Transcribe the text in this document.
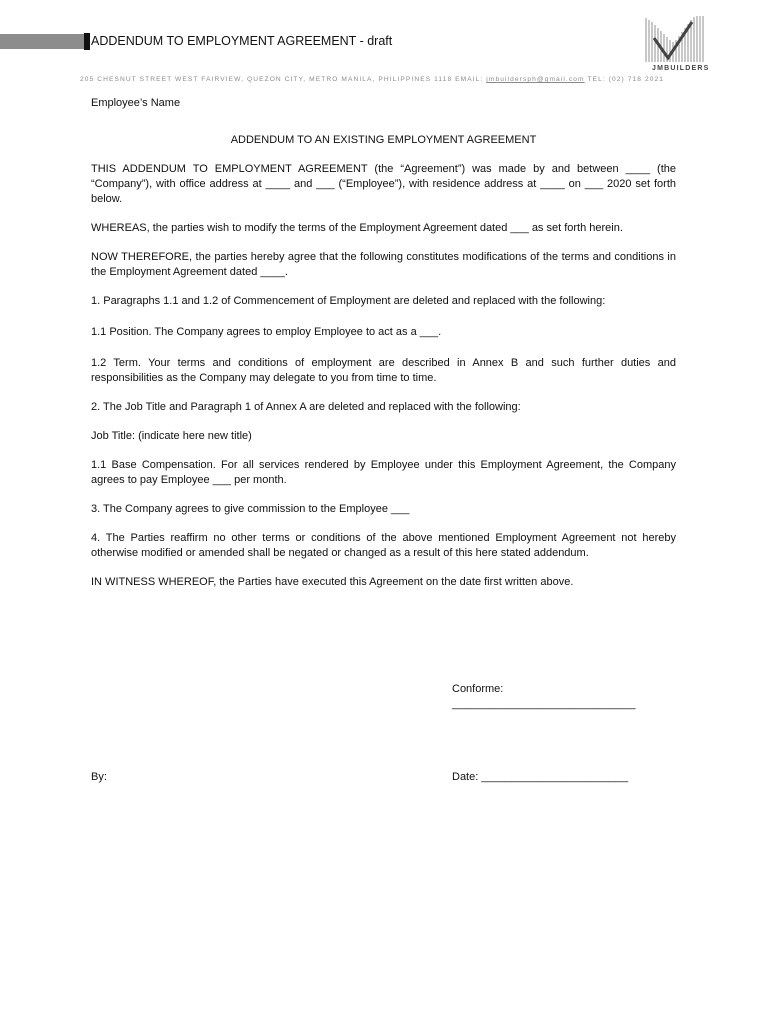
ADDENDUM TO EMPLOYMENT AGREEMENT - draft
JMBUILDERS
205 CHESNUT STREET WEST FAIRVIEW, QUEZON CITY, METRO MANILA, PHILIPPINES 1118 EMAIL: jmbuildersph@gmail.com TEL: (02) 718 2021

Employee’s Name

ADDENDUM TO AN EXISTING EMPLOYMENT AGREEMENT

THIS ADDENDUM TO EMPLOYMENT AGREEMENT (the “Agreement”) was made by and between ____ (the “Company”), with office address at ____ and ___ (“Employee”), with residence address at ____ on ___ 2020 set forth below.

WHEREAS, the parties wish to modify the terms of the Employment Agreement dated ___ as set forth herein.

NOW THEREFORE, the parties hereby agree that the following constitutes modifications of the terms and conditions in the Employment Agreement dated ____.

1. Paragraphs 1.1 and 1.2 of Commencement of Employment are deleted and replaced with the following:

1.1 Position. The Company agrees to employ Employee to act as a ___.

1.2 Term. Your terms and conditions of employment are described in Annex B and such further duties and responsibilities as the Company may delegate to you from time to time.

2. The Job Title and Paragraph 1 of Annex A are deleted and replaced with the following:

Job Title: (indicate here new title)

1.1 Base Compensation. For all services rendered by Employee under this Employment Agreement, the Company agrees to pay Employee ___ per month.

3. The Company agrees to give commission to the Employee ___

4. The Parties reaffirm no other terms or conditions of the above mentioned Employment Agreement not hereby otherwise modified or amended shall be negated or changed as a result of this here stated addendum.

IN WITNESS WHEREOF, the Parties have executed this Agreement on the date first written above.

Conforme:
______________________________
By:	Date: ________________________
